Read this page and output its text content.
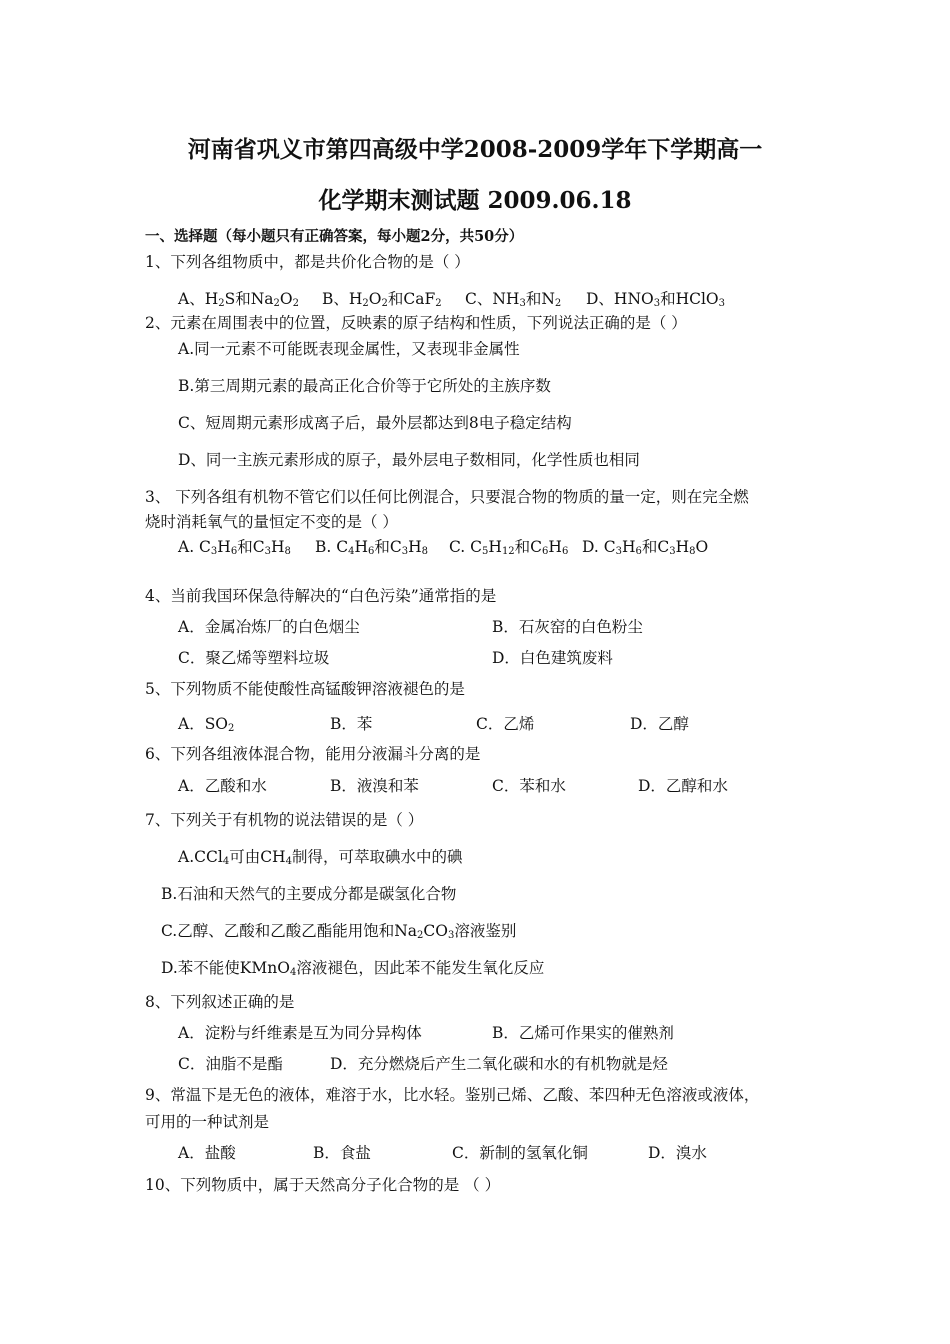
河南省巩义市第四高级中学2008-2009学年下学期高一
化学期末测试题 2009.06.18
一、选择题（每小题只有正确答案，每小题2分，共50分）
1、下列各组物质中，都是共价化合物的是（ ）
A、$H_2S$和$Na_2O_2$ B、$H_2O_2$和CaF$_2$ C、$NH_3$和$N_2$ D、$HNO_3$和HClO$_3$
2、元素在周围表中的位置，反映素的原子结构和性质，下列说法正确的是（ ）
A.同一元素不可能既表现金属性，又表现非金属性
B.第三周期元素的最高正化合价等于它所处的主族序数
C、短周期元素形成离子后，最外层都达到8电子稳定结构
D、同一主族元素形成的原子，最外层电子数相同，化学性质也相同
3、 下列各组有机物不管它们以任何比例混合，只要混合物的物质的量一定，则在完全燃
烧时消耗氧气的量恒定不变的是（ ）
A. $C_3H_6$和$C_3H_8$ B. $C_4H_6$和$C_3H_8$ C. $C_5H_{12}$和$C_6H_6$ D. $C_3H_6$和$C_3H_8O$
4、当前我国环保急待解决的“白色污染”通常指的是
A．金属冶炼厂的白色烟尘	B．石灰窑的白色粉尘
C．聚乙烯等塑料垃圾	D．白色建筑废料
5、下列物质不能使酸性高锰酸钾溶液褪色的是
A．$SO_2$	B．苯	C．乙烯	D．乙醇
6、下列各组液体混合物，能用分液漏斗分离的是
A．乙酸和水	B．液溴和苯	C．苯和水	D．乙醇和水
7、下列关于有机物的说法错误的是（ ）
A.CCl$_4$可由$CH_4$制得，可萃取碘水中的碘
B.石油和天然气的主要成分都是碳氢化合物
C.乙醇、乙酸和乙酸乙酯能用饱和$Na_2CO_3$溶液鉴别
D.苯不能使KMnO$_4$溶液褪色，因此苯不能发生氧化反应
8、下列叙述正确的是
A．淀粉与纤维素是互为同分异构体	B．乙烯可作果实的催熟剂
C．油脂不是酯	D．充分燃烧后产生二氧化碳和水的有机物就是烃
9、常温下是无色的液体，难溶于水，比水轻。鉴别己烯、乙酸、苯四种无色溶液或液体，
可用的一种试剂是
A．盐酸	B．食盐	C．新制的氢氧化铜	D．溴水
10、下列物质中，属于天然高分子化合物的是 （ ）
